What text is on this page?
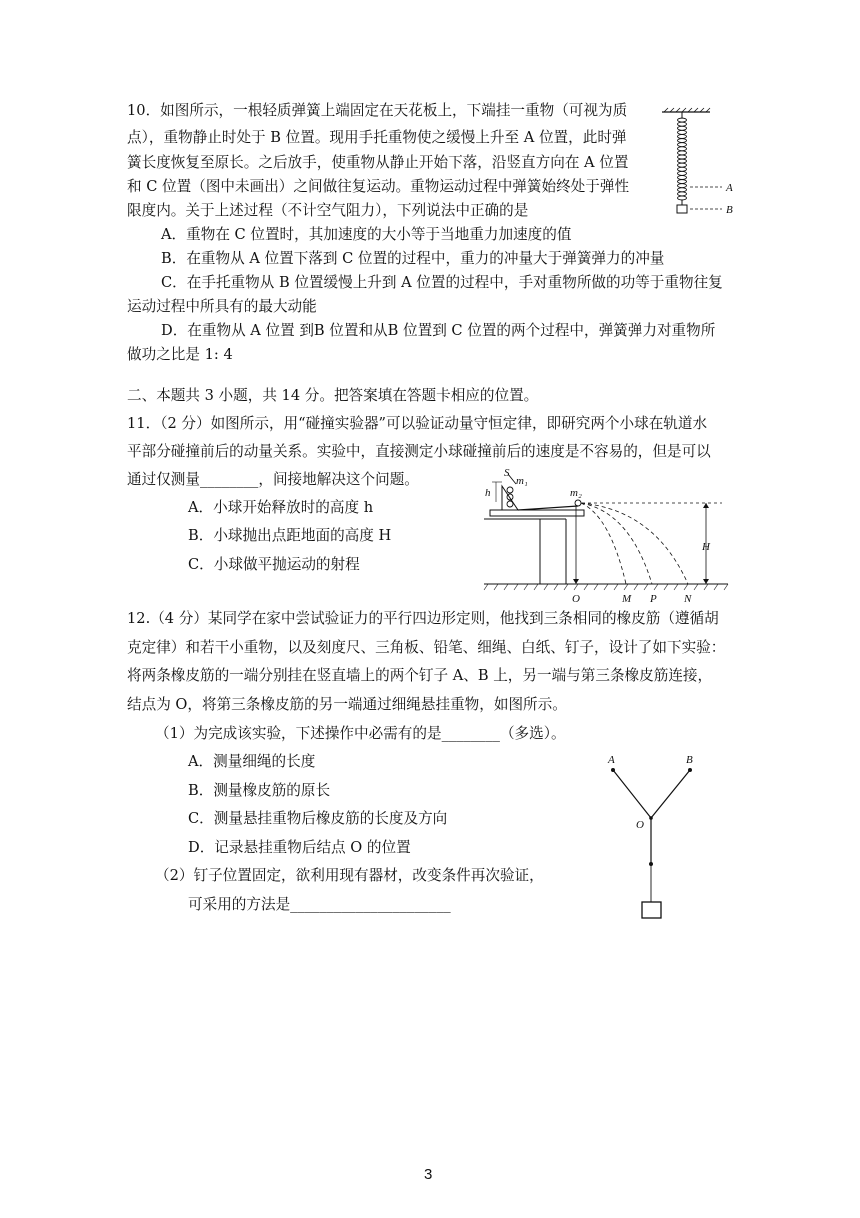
10．如图所示，一根轻质弹簧上端固定在天花板上，下端挂一重物（可视为质
点），重物静止时处于 B 位置。现用手托重物使之缓慢上升至 A 位置，此时弹
簧长度恢复至原长。之后放手，使重物从静止开始下落，沿竖直方向在 A 位置
和 C 位置（图中未画出）之间做往复运动。重物运动过程中弹簧始终处于弹性
限度内。关于上述过程（不计空气阻力），下列说法中正确的是
A．重物在 C 位置时，其加速度的大小等于当地重力加速度的值
B．在重物从 A 位置下落到 C 位置的过程中，重力的冲量大于弹簧弹力的冲量
C．在手托重物从 B 位置缓慢上升到 A 位置的过程中，手对重物所做的功等于重物往复
运动过程中所具有的最大动能
D．在重物从 A 位置 到B 位置和从B 位置到 C 位置的两个过程中，弹簧弹力对重物所
做功之比是 1: 4
A
B
二、本题共 3 小题，共 14 分。把答案填在答题卡相应的位置。
11．（2 分）如图所示，用“碰撞实验器”可以验证动量守恒定律，即研究两个小球在轨道水
平部分碰撞前后的动量关系。实验中，直接测定小球碰撞前后的速度是不容易的，但是可以
通过仅测量________，间接地解决这个问题。
A．小球开始释放时的高度 h
B．小球抛出点距地面的高度 H
C．小球做平抛运动的射程
S
m₁
h	m₂
H
O	M P N
12.（4 分）某同学在家中尝试验证力的平行四边形定则，他找到三条相同的橡皮筋（遵循胡
克定律）和若干小重物，以及刻度尺、三角板、铅笔、细绳、白纸、钉子，设计了如下实验：
将两条橡皮筋的一端分别挂在竖直墙上的两个钉子 A、B 上，另一端与第三条橡皮筋连接，
结点为 O，将第三条橡皮筋的另一端通过细绳悬挂重物，如图所示。
（1）为完成该实验，下述操作中必需有的是________（多选）。
A．测量细绳的长度
B．测量橡皮筋的原长
C．测量悬挂重物后橡皮筋的长度及方向
D．记录悬挂重物后结点 O 的位置
（2）钉子位置固定，欲利用现有器材，改变条件再次验证，
可采用的方法是______________________
A	B
O
3
